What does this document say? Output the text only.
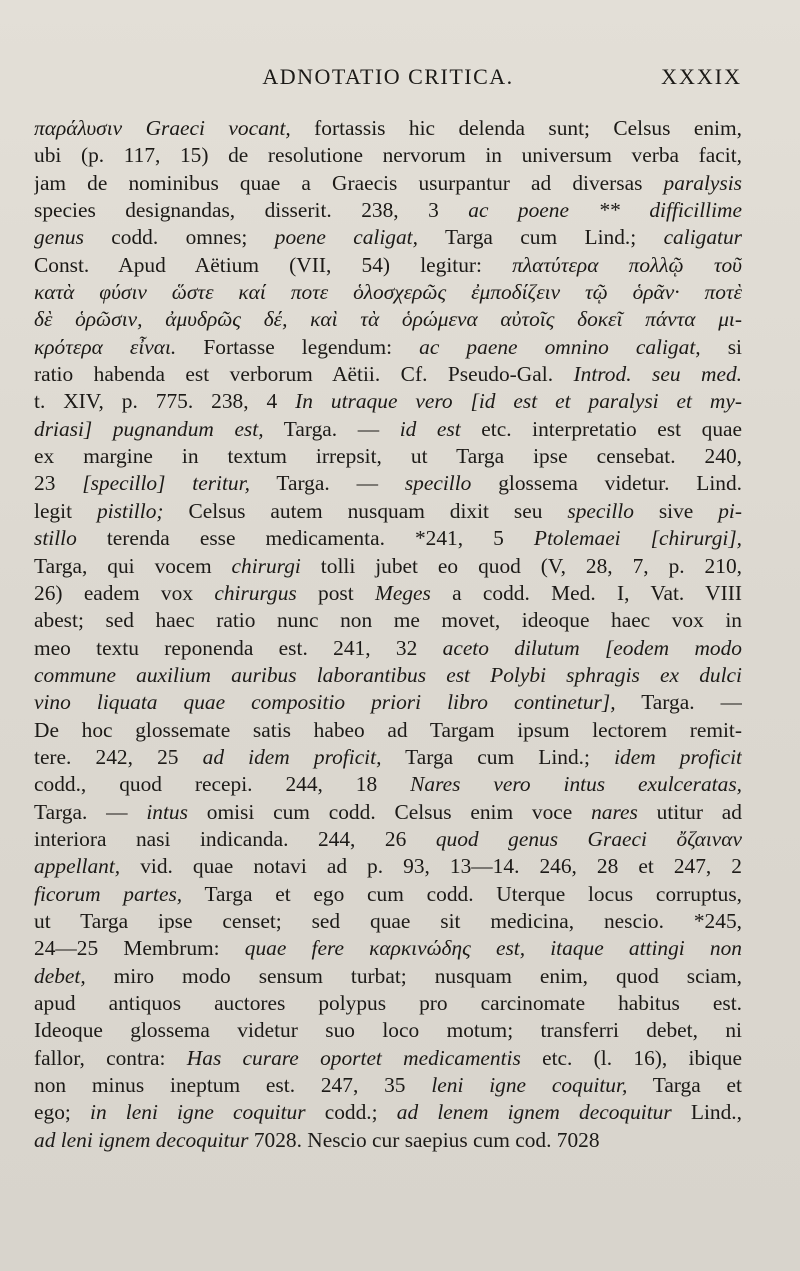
ADNOTATIO CRITICA.	XXXIX
παράλυσιν Graeci vocant, fortassis hic delenda sunt; Celsus enim,
ubi (p. 117, 15) de resolutione nervorum in universum verba facit,
jam de nominibus quae a Graecis usurpantur ad diversas paralysis
species designandas, disserit. 238, 3 ac poene ** difficillime
genus codd. omnes; poene caligat, Targa cum Lind.; caligatur
Const. Apud Aëtium (VII, 54) legitur: πλατύτερα πολλῷ τοῦ
κατὰ φύσιν ὥστε καί ποτε ὁλοσχερῶς ἐμποδίζειν τῷ ὁρᾶν· ποτὲ
δὲ ὁρῶσιν, ἀμυδρῶς δέ, καὶ τὰ ὁρώμενα αὐτοῖς δοκεῖ πάντα μι-
κρότερα εἶναι. Fortasse legendum: ac paene omnino caligat, si
ratio habenda est verborum Aëtii. Cf. Pseudo-Gal. Introd. seu med.
t. XIV, p. 775. 238, 4 In utraque vero [id est et paralysi et my-
driasi] pugnandum est, Targa. — id est etc. interpretatio est quae
ex margine in textum irrepsit, ut Targa ipse censebat. 240,
23 [specillo] teritur, Targa. — specillo glossema videtur. Lind.
legit pistillo; Celsus autem nusquam dixit seu specillo sive pi-
stillo terenda esse medicamenta. *241, 5 Ptolemaei [chirurgi],
Targa, qui vocem chirurgi tolli jubet eo quod (V, 28, 7, p. 210,
26) eadem vox chirurgus post Meges a codd. Med. I, Vat. VIII
abest; sed haec ratio nunc non me movet, ideoque haec vox in
meo textu reponenda est. 241, 32 aceto dilutum [eodem modo
commune auxilium auribus laborantibus est Polybi sphragis ex dulci
vino liquata quae compositio priori libro continetur], Targa. —
De hoc glossemate satis habeo ad Targam ipsum lectorem remit-
tere. 242, 25 ad idem proficit, Targa cum Lind.; idem proficit
codd., quod recepi. 244, 18 Nares vero intus exulceratas,
Targa. — intus omisi cum codd. Celsus enim voce nares utitur ad
interiora nasi indicanda. 244, 26 quod genus Graeci ὄζαιναν
appellant, vid. quae notavi ad p. 93, 13—14. 246, 28 et 247, 2
ficorum partes, Targa et ego cum codd. Uterque locus corruptus,
ut Targa ipse censet; sed quae sit medicina, nescio. *245,
24—25 Membrum: quae fere καρκινώδης est, itaque attingi non
debet, miro modo sensum turbat; nusquam enim, quod sciam,
apud antiquos auctores polypus pro carcinomate habitus est.
Ideoque glossema videtur suo loco motum; transferri debet, ni
fallor, contra: Has curare oportet medicamentis etc. (l. 16), ibique
non minus ineptum est. 247, 35 leni igne coquitur, Targa et
ego; in leni igne coquitur codd.; ad lenem ignem decoquitur Lind.,
ad leni ignem decoquitur 7028. Nescio cur saepius cum cod. 7028
